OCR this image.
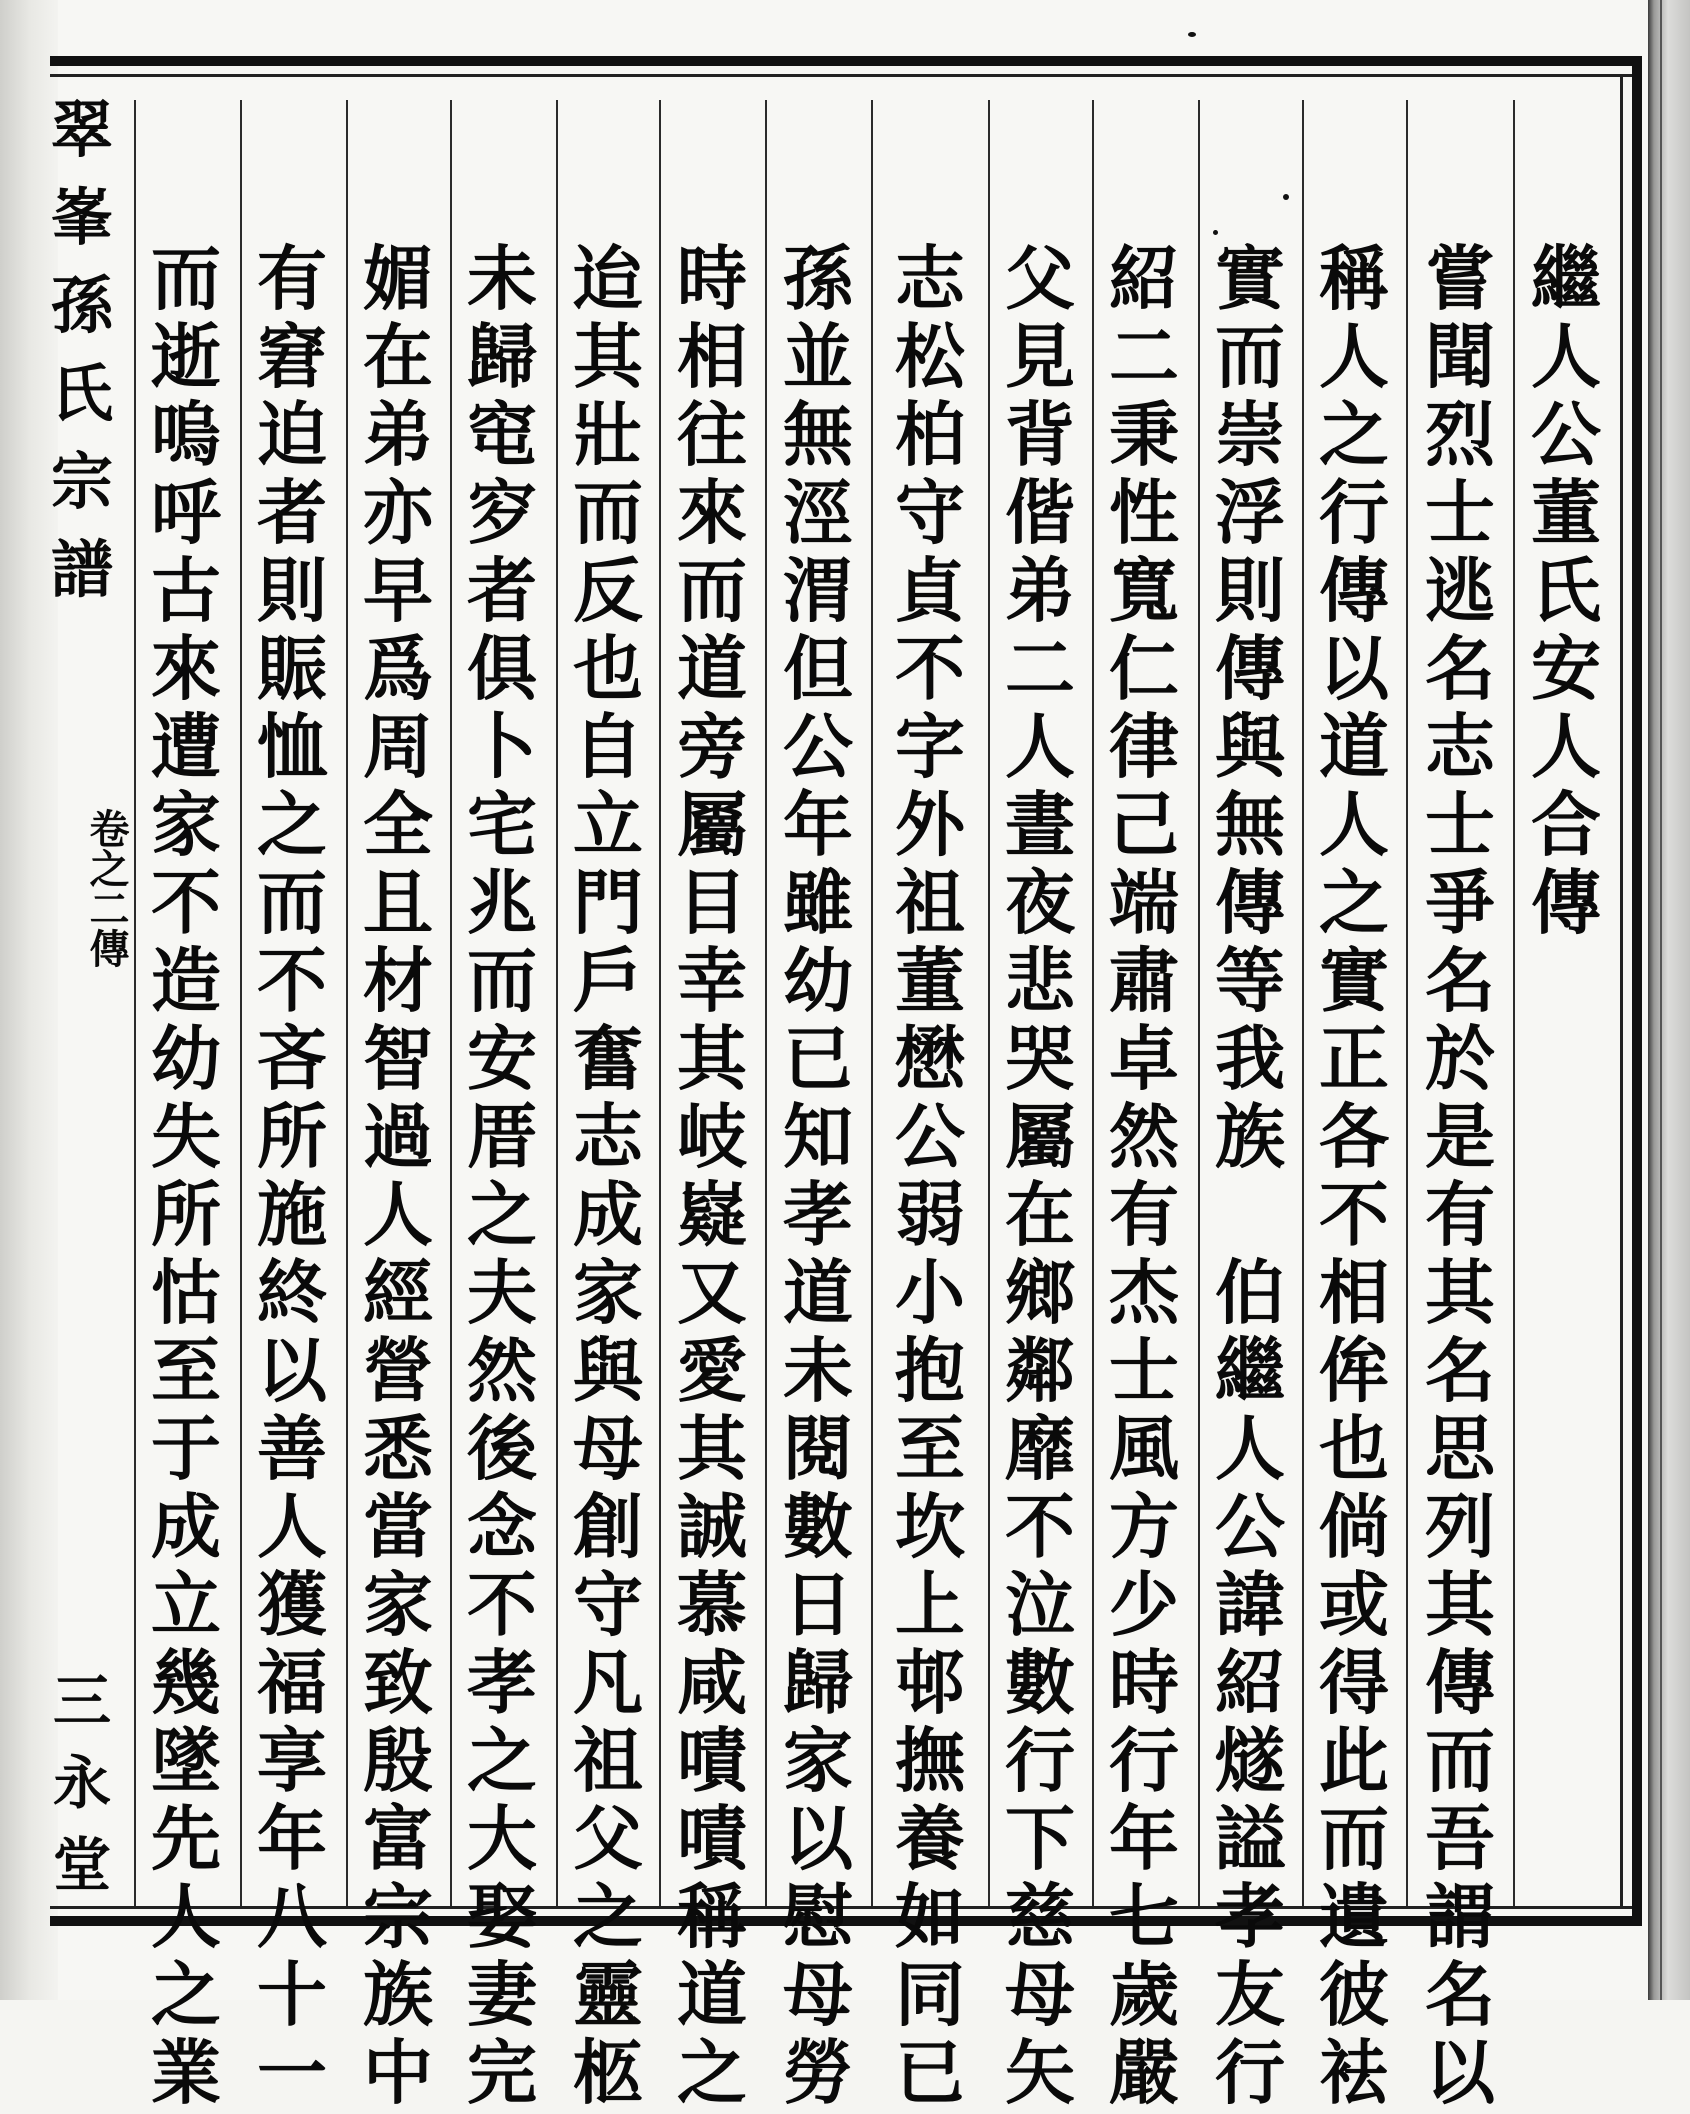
繼
人
公
董
氏
安
人
合
傳
嘗
聞
烈
士
逃
名
志
士
爭
名
於
是
有
其
名
思
列
其
傳
而
吾
謂
名
以
稱
人
之
行
傳
以
道
人
之
實
正
各
不
相
侔
也
倘
或
得
此
而
遺
彼
袪
實
而
崇
浮
則
傳
與
無
傳
等
我
族

伯
繼
人
公
諱
紹
燧
謚
孝
友
行
紹
二
秉
性
寬
仁
律
己
端
肅
卓
然
有
杰
士
風
方
少
時
行
年
七
歲
嚴
父
見
背
偕
弟
二
人
晝
夜
悲
哭
屬
在
鄉
鄰
靡
不
泣
數
行
下
慈
母
矢
志
松
柏
守
貞
不
字
外
祖
董
懋
公
弱
小
抱
至
坎
上
邨
撫
養
如
同
已
孫
並
無
涇
渭
但
公
年
雖
幼
已
知
孝
道
未
閱
數
日
歸
家
以
慰
母
勞
時
相
往
來
而
道
旁
屬
目
幸
其
岐
嶷
又
愛
其
誠
慕
咸
嘖
嘖
稱
道
之
迨
其
壯
而
反
也
自
立
門
戶
奮
志
成
家
與
母
創
守
凡
祖
父
之
靈
柩
未
歸
窀
穸
者
俱
卜
宅
兆
而
安
厝
之
夫
然
後
念
不
孝
之
大
娶
妻
完
媚
在
弟
亦
早
爲
周
全
且
材
智
過
人
經
營
悉
當
家
致
殷
富
宗
族
中
有
窘
迫
者
則
賑
恤
之
而
不
吝
所
施
終
以
善
人
獲
福
享
年
八
十
一
而
逝
嗚
呼
古
來
遭
家
不
造
幼
失
所
怙
至
于
成
立
幾
墜
先
人
之
業
翠
峯
孫
氏
宗
譜
卷之二傳
三
永
堂
